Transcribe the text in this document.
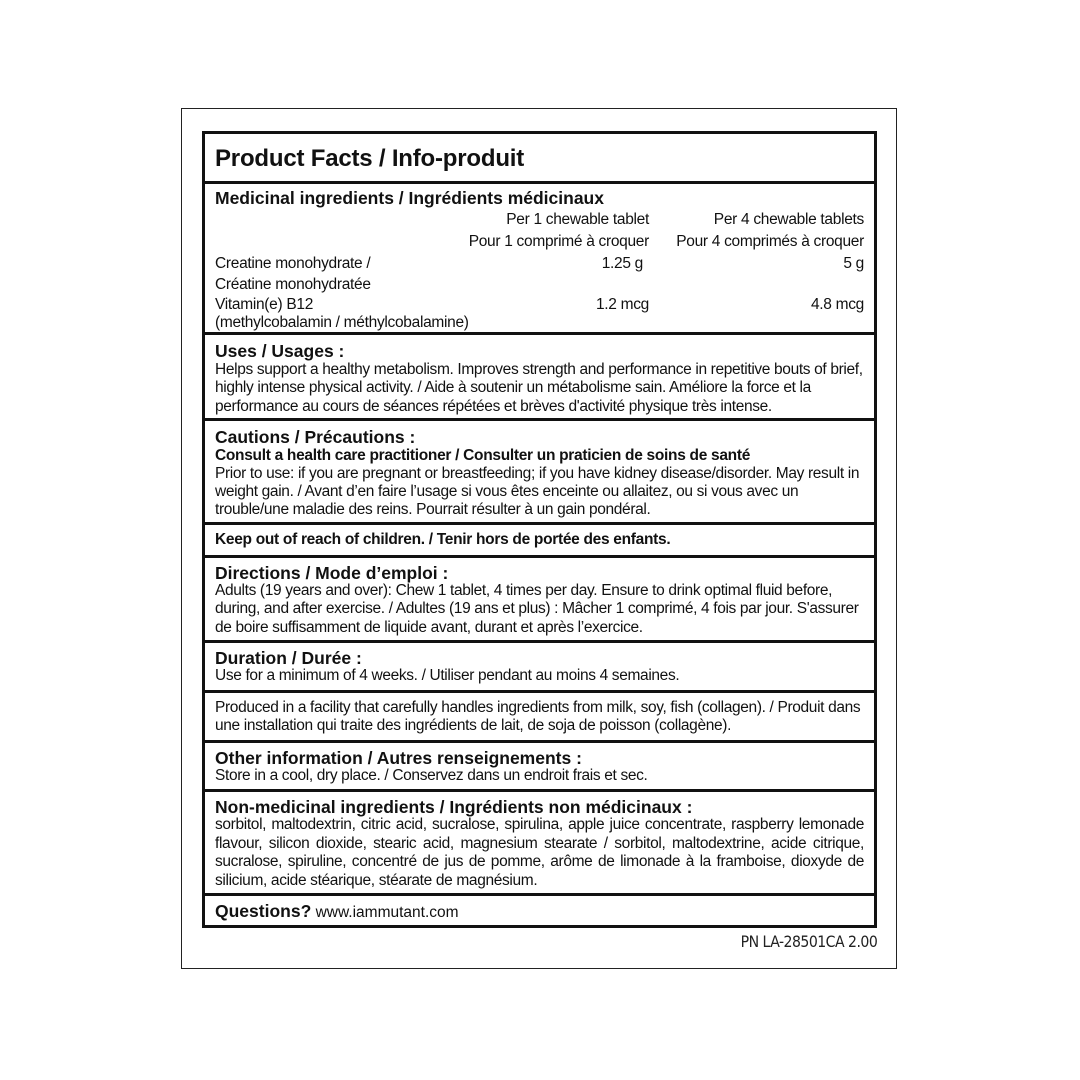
Product Facts / Info-produit
Medicinal ingredients / Ingrédients médicinaux
	Per 1 chewable tablet	Per 4 chewable tablets
	Pour 1 comprimé à croquer	Pour 4 comprimés à croquer
Creatine monohydrate / Créatine monohydratée	1.25 g	5 g
Vitamin(e) B12	1.2 mcg	4.8 mcg
(methylcobalamin / méthylcobalamine)		
Uses / Usages :
Helps support a healthy metabolism. Improves strength and performance in repetitive bouts of brief, highly intense physical activity. / Aide à soutenir un métabolisme sain. Améliore la force et la performance au cours de séances répétées et brèves d'activité physique très intense.
Cautions / Précautions :
Consult a health care practitioner / Consulter un praticien de soins de santé
Prior to use: if you are pregnant or breastfeeding; if you have kidney disease/disorder. May result in weight gain. / Avant d’en faire l’usage si vous êtes enceinte ou allaitez, ou si vous avec un trouble/une maladie des reins. Pourrait résulter à un gain pondéral.
Keep out of reach of children. / Tenir hors de portée des enfants.
Directions / Mode d’emploi :
Adults (19 years and over): Chew 1 tablet, 4 times per day. Ensure to drink optimal fluid before, during, and after exercise. / Adultes (19 ans et plus) : Mâcher 1 comprimé, 4 fois par jour. S'assurer de boire suffisamment de liquide avant, durant et après l’exercice.
Duration / Durée :
Use for a minimum of 4 weeks. / Utiliser pendant au moins 4 semaines.
Produced in a facility that carefully handles ingredients from milk, soy, fish (collagen). / Produit dans une installation qui traite des ingrédients de lait, de soja de poisson (collagène).
Other information / Autres renseignements :
Store in a cool, dry place. / Conservez dans un endroit frais et sec.
Non-medicinal ingredients / Ingrédients non médicinaux :
sorbitol, maltodextrin, citric acid, sucralose, spirulina, apple juice concentrate, raspberry lemonade flavour, silicon dioxide, stearic acid, magnesium stearate / sorbitol, maltodextrine, acide citrique, sucralose, spiruline, concentré de jus de pomme, arôme de limonade à la framboise, dioxyde de silicium, acide stéarique, stéarate de magnésium.
Questions? www.iammutant.com
PN LA-28501CA 2.00
